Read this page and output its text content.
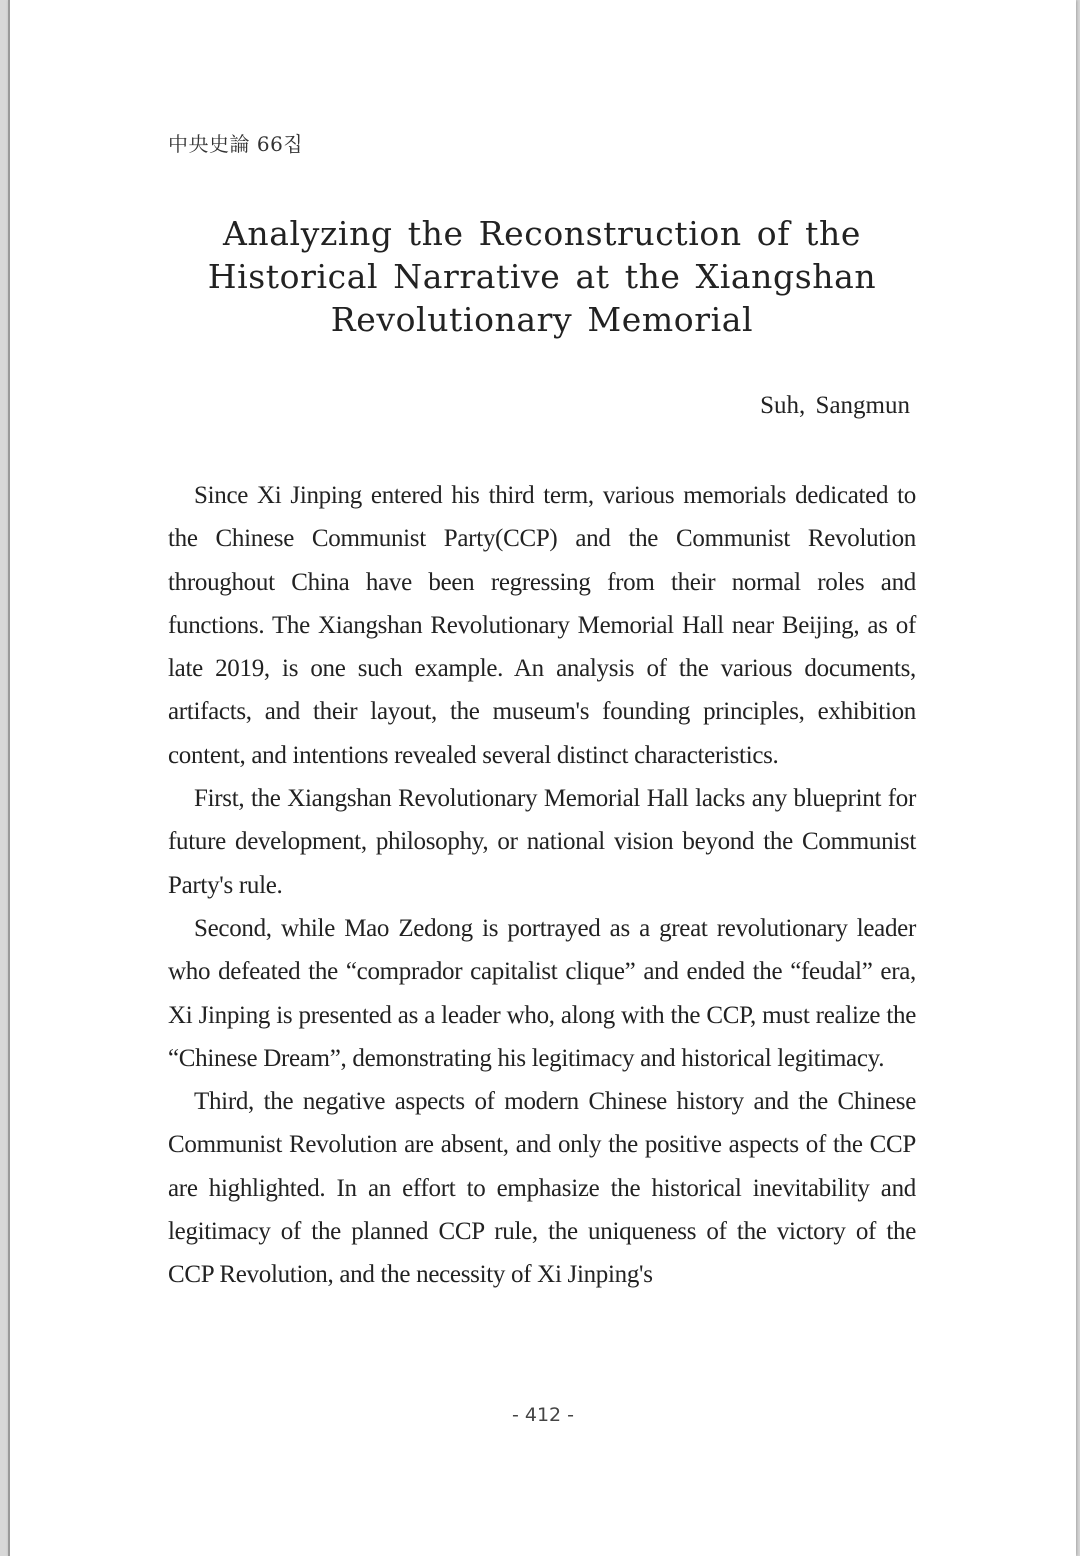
中央史論 66집
Analyzing the Reconstruction of the Historical Narrative at the Xiangshan Revolutionary Memorial
Suh, Sangmun

Since Xi Jinping entered his third term, various memorials dedicated to the Chinese Communist Party(CCP) and the Communist Revolution throughout China have been regressing from their normal roles and functions. The Xiangshan Revolutionary Memorial Hall near Beijing, as of late 2019, is one such example. An analysis of the various documents, artifacts, and their layout, the museum's founding principles, exhibition content, and intentions revealed several distinct characteristics.

First, the Xiangshan Revolutionary Memorial Hall lacks any blueprint for future development, philosophy, or national vision beyond the Communist Party's rule.

Second, while Mao Zedong is portrayed as a great revolutionary leader who defeated the “comprador capitalist clique” and ended the “feudal” era, Xi Jinping is presented as a leader who, along with the CCP, must realize the “Chinese Dream”, demonstrating his legitimacy and historical legitimacy.

Third, the negative aspects of modern Chinese history and the Chinese Communist Revolution are absent, and only the positive aspects of the CCP are highlighted. In an effort to emphasize the historical inevitability and legitimacy of the planned CCP rule, the uniqueness of the victory of the CCP Revolution, and the necessity of Xi Jinping's

- 412 -
